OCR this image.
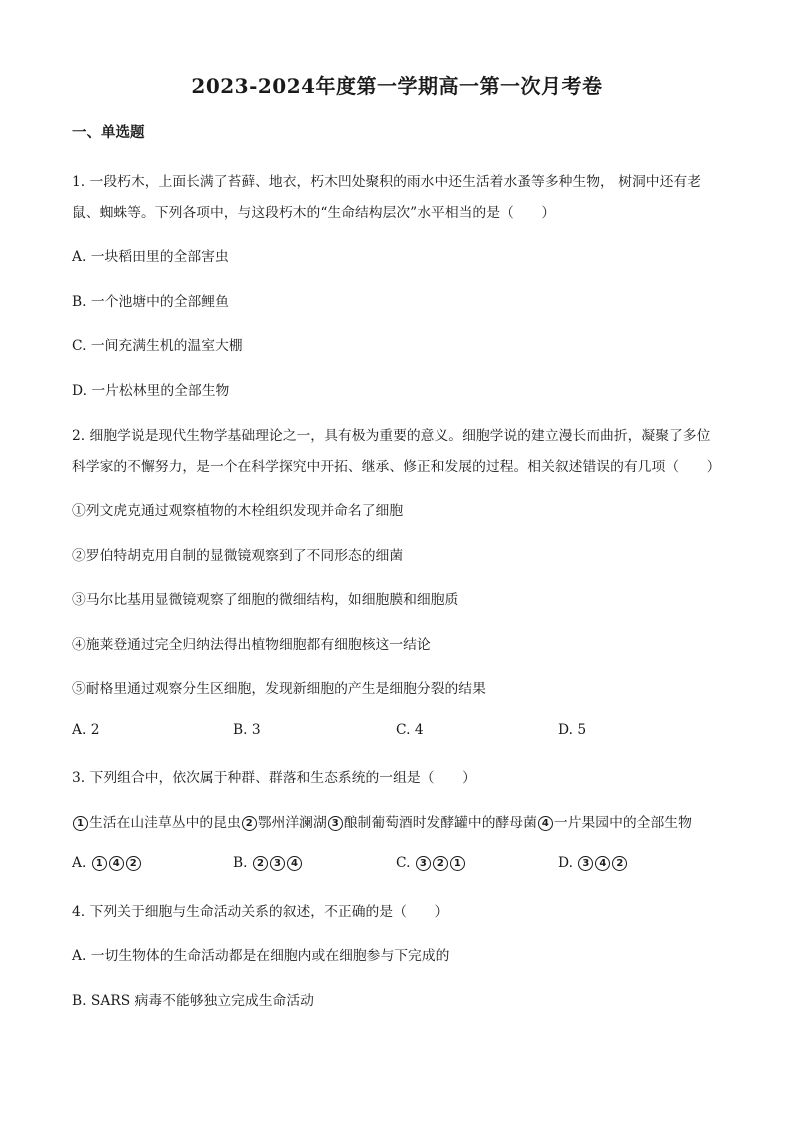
2023-2024年度第一学期高一第一次月考卷
一、单选题
1. 一段朽木，上面长满了苔藓、地衣，朽木凹处聚积的雨水中还生活着水蚤等多种生物， 树洞中还有老
鼠、蜘蛛等。下列各项中，与这段朽木的“生命结构层次”水平相当的是（　　）
A. 一块稻田里的全部害虫
B. 一个池塘中的全部鲤鱼
C. 一间充满生机的温室大棚
D. 一片松林里的全部生物
2. 细胞学说是现代生物学基础理论之一，具有极为重要的意义。细胞学说的建立漫长而曲折，凝聚了多位
科学家的不懈努力，是一个在科学探究中开拓、继承、修正和发展的过程。相关叙述错误的有几项（　　）
①列文虎克通过观察植物的木栓组织发现并命名了细胞
②罗伯特胡克用自制的显微镜观察到了不同形态的细菌
③马尔比基用显微镜观察了细胞的微细结构，如细胞膜和细胞质
④施莱登通过完全归纳法得出植物细胞都有细胞核这一结论
⑤耐格里通过观察分生区细胞，发现新细胞的产生是细胞分裂的结果
A. 2	B. 3	C. 4	D. 5
3. 下列组合中，依次属于种群、群落和生态系统的一组是（　　）
1 生活在山洼草丛中的昆虫 2 鄂州洋澜湖 3 酿制葡萄酒时发酵罐中的酵母菌 4 一片果园中的全部生物
A. 1 4 2	B. 2 3 4	C. 3 2 1	D. 3 4 2
4. 下列关于细胞与生命活动关系的叙述，不正确的是（　　）
A. 一切生物体的生命活动都是在细胞内或在细胞参与下完成的
B. SARS 病毒不能够独立完成生命活动
